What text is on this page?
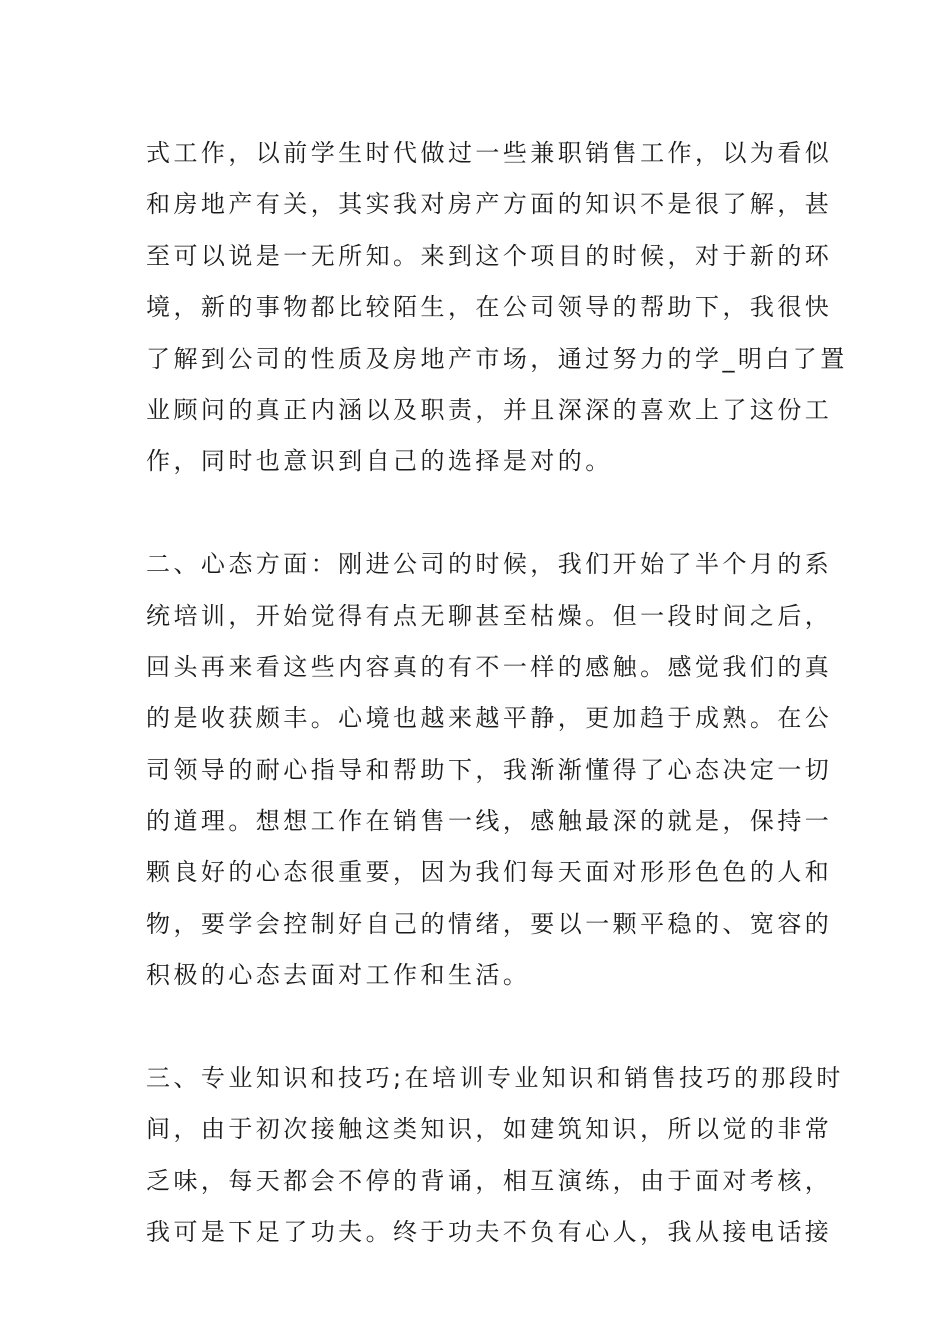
式工作，以前学生时代做过一些兼职销售工作，以为看似
和房地产有关，其实我对房产方面的知识不是很了解，甚
至可以说是一无所知。来到这个项目的时候，对于新的环
境，新的事物都比较陌生，在公司领导的帮助下，我很快
了解到公司的性质及房地产市场，通过努力的学_明白了置
业顾问的真正内涵以及职责，并且深深的喜欢上了这份工
作，同时也意识到自己的选择是对的。
二、心态方面：刚进公司的时候，我们开始了半个月的系
统培训，开始觉得有点无聊甚至枯燥。但一段时间之后，
回头再来看这些内容真的有不一样的感触。感觉我们的真
的是收获颇丰。心境也越来越平静，更加趋于成熟。在公
司领导的耐心指导和帮助下，我渐渐懂得了心态决定一切
的道理。想想工作在销售一线，感触最深的就是，保持一
颗良好的心态很重要，因为我们每天面对形形色色的人和
物，要学会控制好自己的情绪，要以一颗平稳的、宽容的
积极的心态去面对工作和生活。
三、专业知识和技巧;在培训专业知识和销售技巧的那段时
间，由于初次接触这类知识，如建筑知识，所以觉的非常
乏味，每天都会不停的背诵，相互演练，由于面对考核，
我可是下足了功夫。终于功夫不负有心人，我从接电话接
